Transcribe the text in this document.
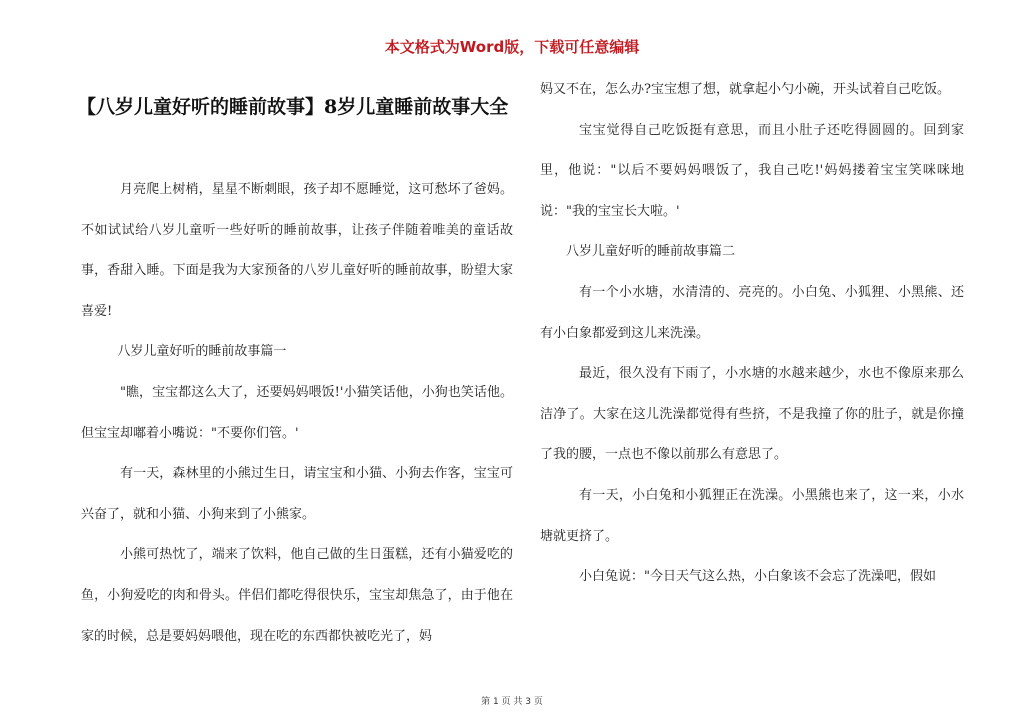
本文格式为Word版，下载可任意编辑
【八岁儿童好听的睡前故事】8岁儿童睡前故事大全

月亮爬上树梢，星星不断刺眼，孩子却不愿睡觉，这可愁坏了爸妈。不如试试给八岁儿童听一些好听的睡前故事，让孩子伴随着唯美的童话故事，香甜入睡。下面是我为大家预备的八岁儿童好听的睡前故事，盼望大家喜爱!

八岁儿童好听的睡前故事篇一

"瞧，宝宝都这么大了，还要妈妈喂饭!'小猫笑话他，小狗也笑话他。但宝宝却嘟着小嘴说："不要你们管。'

有一天，森林里的小熊过生日，请宝宝和小猫、小狗去作客，宝宝可兴奋了，就和小猫、小狗来到了小熊家。

小熊可热忱了，端来了饮料，他自己做的生日蛋糕，还有小猫爱吃的鱼，小狗爱吃的肉和骨头。伴侣们都吃得很快乐，宝宝却焦急了，由于他在家的时候，总是要妈妈喂他，现在吃的东西都快被吃光了，妈

妈又不在，怎么办?宝宝想了想，就拿起小勺小碗，开头试着自己吃饭。

宝宝觉得自己吃饭挺有意思，而且小肚子还吃得圆圆的。回到家里，他说："以后不要妈妈喂饭了，我自己吃!'妈妈搂着宝宝笑咪咪地说："我的宝宝长大啦。'

八岁儿童好听的睡前故事篇二

有一个小水塘，水清清的、亮亮的。小白兔、小狐狸、小黑熊、还有小白象都爱到这儿来洗澡。

最近，很久没有下雨了，小水塘的水越来越少，水也不像原来那么洁净了。大家在这儿洗澡都觉得有些挤，不是我撞了你的肚子，就是你撞了我的腰，一点也不像以前那么有意思了。

有一天，小白兔和小狐狸正在洗澡。小黑熊也来了，这一来，小水塘就更挤了。

小白兔说："今日天气这么热，小白象该不会忘了洗澡吧，假如

第 1 页 共 3 页
